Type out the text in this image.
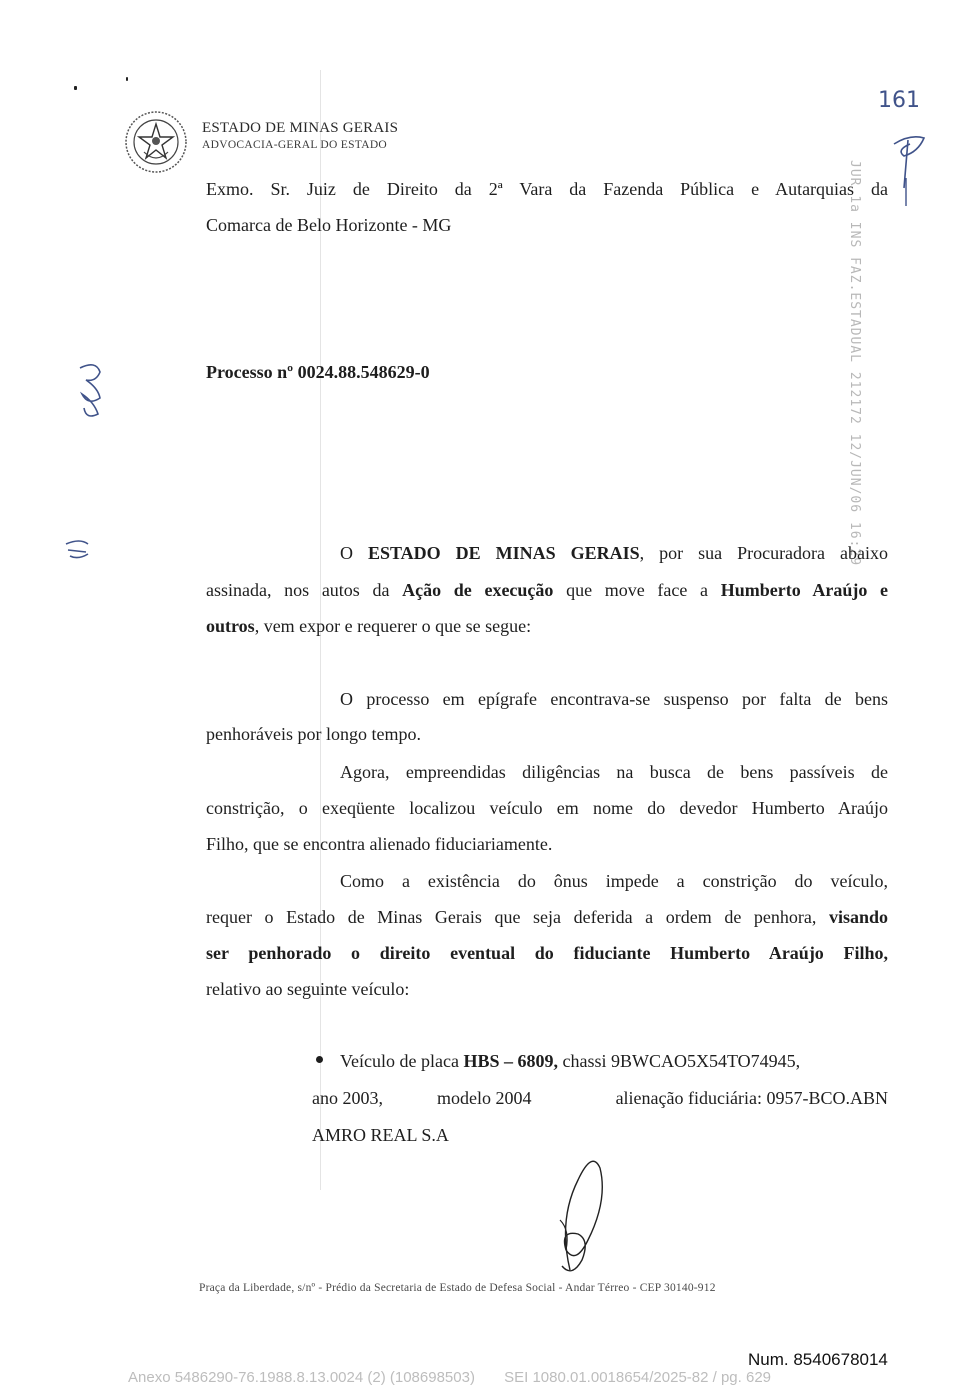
ESTADO DE MINAS GERAIS
ADVOCACIA-GERAL DO ESTADO
161
JUR 1a INS FAZ.ESTADUAL 212172 12/JUN/06 16:29
Exmo. Sr. Juiz de Direito da 2ª Vara da Fazenda Pública e Autarquias da
Comarca de Belo Horizonte - MG
Processo nº 0024.88.548629-0
O ESTADO DE MINAS GERAIS, por sua Procuradora abaixo
assinada, nos autos da Ação de execução que move face a Humberto Araújo e
outros, vem expor e requerer o que se segue:
O processo em epígrafe encontrava-se suspenso por falta de bens
penhoráveis por longo tempo.
Agora, empreendidas diligências na busca de bens passíveis de
constrição, o exeqüente localizou veículo em nome do devedor Humberto Araújo
Filho, que se encontra alienado fiduciariamente.
Como a existência do ônus impede a constrição do veículo,
requer o Estado de Minas Gerais que seja deferida a ordem de penhora, visando
ser penhorado o direito eventual do fiduciante Humberto Araújo Filho,
relativo ao seguinte veículo:
Veículo de placa HBS – 6809, chassi 9BWCAO5X54TO74945,
ano 2003,	modelo 2004	alienação fiduciária: 0957-BCO.ABN
AMRO REAL S.A
Praça da Liberdade, s/nº - Prédio da Secretaria de Estado de Defesa Social - Andar Térreo - CEP 30140-912
Num. 8540678014
Anexo 5486290-76.1988.8.13.0024 (2) (108698503)       SEI 1080.01.0018654/2025-82 / pg. 629
